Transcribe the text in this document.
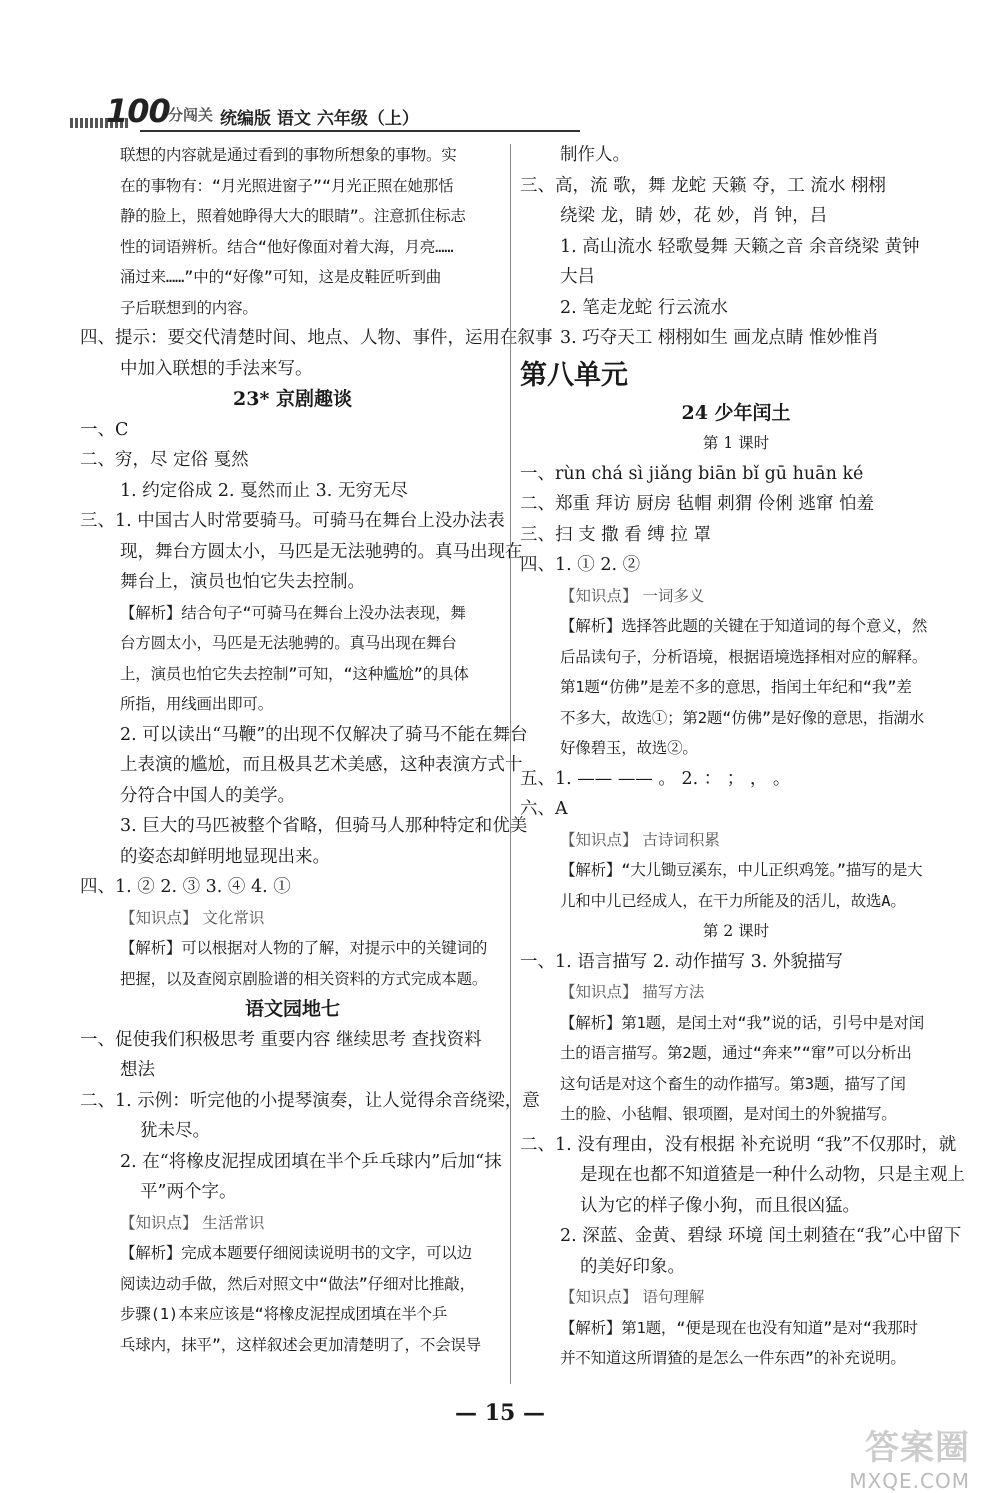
100
分闯关 统编版 语文 六年级（上）
联想的内容就是通过看到的事物所想象的事物。实
在的事物有：“月光照进窗子”“月光正照在她那恬
静的脸上，照着她睁得大大的眼睛”。注意抓住标志
性的词语辨析。结合“他好像面对着大海，月亮……
涌过来……”中的“好像”可知，这是皮鞋匠听到曲
子后联想到的内容。
四、提示：要交代清楚时间、地点、人物、事件，运用在叙事
中加入联想的手法来写。
23* 京剧趣谈
一、C
二、穷，尽 定俗 戛然
1. 约定俗成 2. 戛然而止 3. 无穷无尽
三、1. 中国古人时常要骑马。可骑马在舞台上没办法表
现，舞台方圆太小，马匹是无法驰骋的。真马出现在
舞台上，演员也怕它失去控制。
【解析】结合句子“可骑马在舞台上没办法表现，舞
台方圆太小，马匹是无法驰骋的。真马出现在舞台
上，演员也怕它失去控制”可知，“这种尴尬”的具体
所指，用线画出即可。
2. 可以读出“马鞭”的出现不仅解决了骑马不能在舞台
上表演的尴尬，而且极具艺术美感，这种表演方式十
分符合中国人的美学。
3. 巨大的马匹被整个省略，但骑马人那种特定和优美
的姿态却鲜明地显现出来。
四、1. ② 2. ③ 3. ④ 4. ①
【知识点】 文化常识
【解析】可以根据对人物的了解，对提示中的关键词的
把握，以及查阅京剧脸谱的相关资料的方式完成本题。
语文园地七
一、促使我们积极思考 重要内容 继续思考 查找资料
想法
二、1. 示例：听完他的小提琴演奏，让人觉得余音绕梁，意
犹未尽。
2. 在“将橡皮泥捏成团填在半个乒乓球内”后加“抹
平”两个字。
【知识点】 生活常识
【解析】完成本题要仔细阅读说明书的文字，可以边
阅读边动手做，然后对照文中“做法”仔细对比推敲，
步骤(1)本来应该是“将橡皮泥捏成团填在半个乒
乓球内，抹平”，这样叙述会更加清楚明了，不会误导
制作人。
三、高，流 歌，舞 龙蛇 天籁 夺，工 流水 栩栩
绕梁 龙，睛 妙，花 妙，肖 钟，吕
1. 高山流水 轻歌曼舞 天籁之音 余音绕梁 黄钟
大吕
2. 笔走龙蛇 行云流水
3. 巧夺天工 栩栩如生 画龙点睛 惟妙惟肖
第八单元
24 少年闰土
第 1 课时
一、rùn chá sì jiǎng biān bǐ gū huān ké
二、郑重 拜访 厨房 毡帽 刺猬 伶俐 逃窜 怕羞
三、扫 支 撒 看 缚 拉 罩
四、1. ① 2. ②
【知识点】 一词多义
【解析】选择答此题的关键在于知道词的每个意义，然
后品读句子，分析语境，根据语境选择相对应的解释。
第1题“仿佛”是差不多的意思，指闰土年纪和“我”差
不多大，故选①；第2题“仿佛”是好像的意思，指湖水
好像碧玉，故选②。
五、1. —— —— 。 2. ： ； ， 。
六、A
【知识点】 古诗词积累
【解析】“大儿锄豆溪东，中儿正织鸡笼。”描写的是大
儿和中儿已经成人，在干力所能及的活儿，故选A。
第 2 课时
一、1. 语言描写 2. 动作描写 3. 外貌描写
【知识点】 描写方法
【解析】第1题，是闰土对“我”说的话，引号中是对闰
土的语言描写。第2题，通过“奔来”“窜”可以分析出
这句话是对这个畜生的动作描写。第3题，描写了闰
土的脸、小毡帽、银项圈，是对闰土的外貌描写。
二、1. 没有理由，没有根据 补充说明 “我”不仅那时，就
是现在也都不知道猹是一种什么动物，只是主观上
认为它的样子像小狗，而且很凶猛。
2. 深蓝、金黄、碧绿 环境 闰土刺猹在“我”心中留下
的美好印象。
【知识点】 语句理解
【解析】第1题，“便是现在也没有知道”是对“我那时
并不知道这所谓猹的是怎么一件东西”的补充说明。
— 15 —
答案圈
MXQE.COM
